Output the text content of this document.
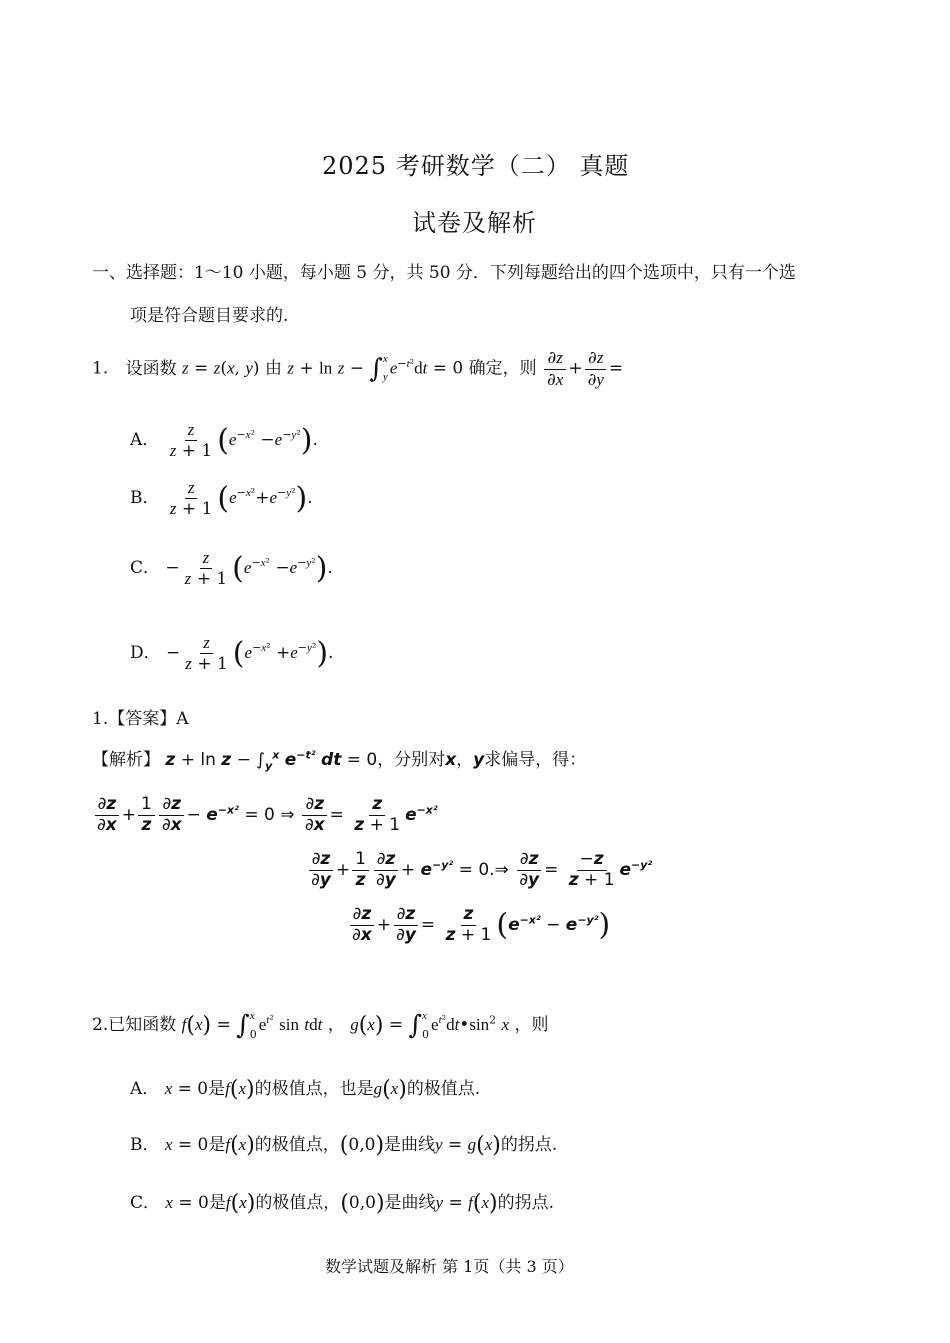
2025 考研数学（二） 真题
试卷及解析
一、选择题：1～10 小题，每小题 5 分，共 50 分．下列每题给出的四个选项中，只有一个选
项是符合题目要求的.
1. 设函数 z = z(x, y) 由 z + ln z − ∫ x
y $e^{-t^2}dt = 0$ 确定，则 $\frac{\partial z}{\partial x} + \frac{\partial z}{\partial y}$ =
A． $\frac{z}{z + 1} (e^{-x^2} -e^{-y^2})$.
B． $\frac{z}{z + 1} (e^{-x^2}+e^{-y^2})$.
C． − $\frac{z}{z + 1} (e^{-x^2} -e^{-y^2})$.
D． − $\frac{z}{z + 1} (e^{-x^2} +e^{-y^2})$.
1.【答案】A
【解析】 $z + \ln z - \int_y^x$ $e^{-t^2}$ dt = 0，分别对x，y求偏导，得：
$\frac{\partial z}{\partial x} + \frac{1}{z} \frac{\partial z}{\partial x} - e^{-x^2} = 0$ ⇒ $\frac{\partial z}{\partial x} = \frac{z}{z + 1} e^{-x^2}$
$\frac{\partial z}{\partial y} + \frac{1}{z} \frac{\partial z}{\partial y} + e^{-y^2}$ = 0.⇒ $\frac{\partial z}{\partial y} = \frac{-z}{z + 1} e^{-y^2}$
$\frac{\partial z}{\partial x} + \frac{\partial z}{\partial y} = \frac{z}{z + 1} (e^{-x^2} - e^{-y^2})$
2.已知函数 f(x) = ∫ x
0 $e^{t^2}$ sin tdt ， g(x) = ∫ x
0 $e^{t^2}dt•\sin^2$ x ，则
A． x = 0是f(x)的极值点，也是g(x)的极值点.
B． x = 0是f(x)的极值点，(0,0)是曲线y = g(x)的拐点.
C． x = 0是f(x)的极值点，(0,0)是曲线y = f(x)的拐点.
数学试题及解析 第 1页（共 3 页）
